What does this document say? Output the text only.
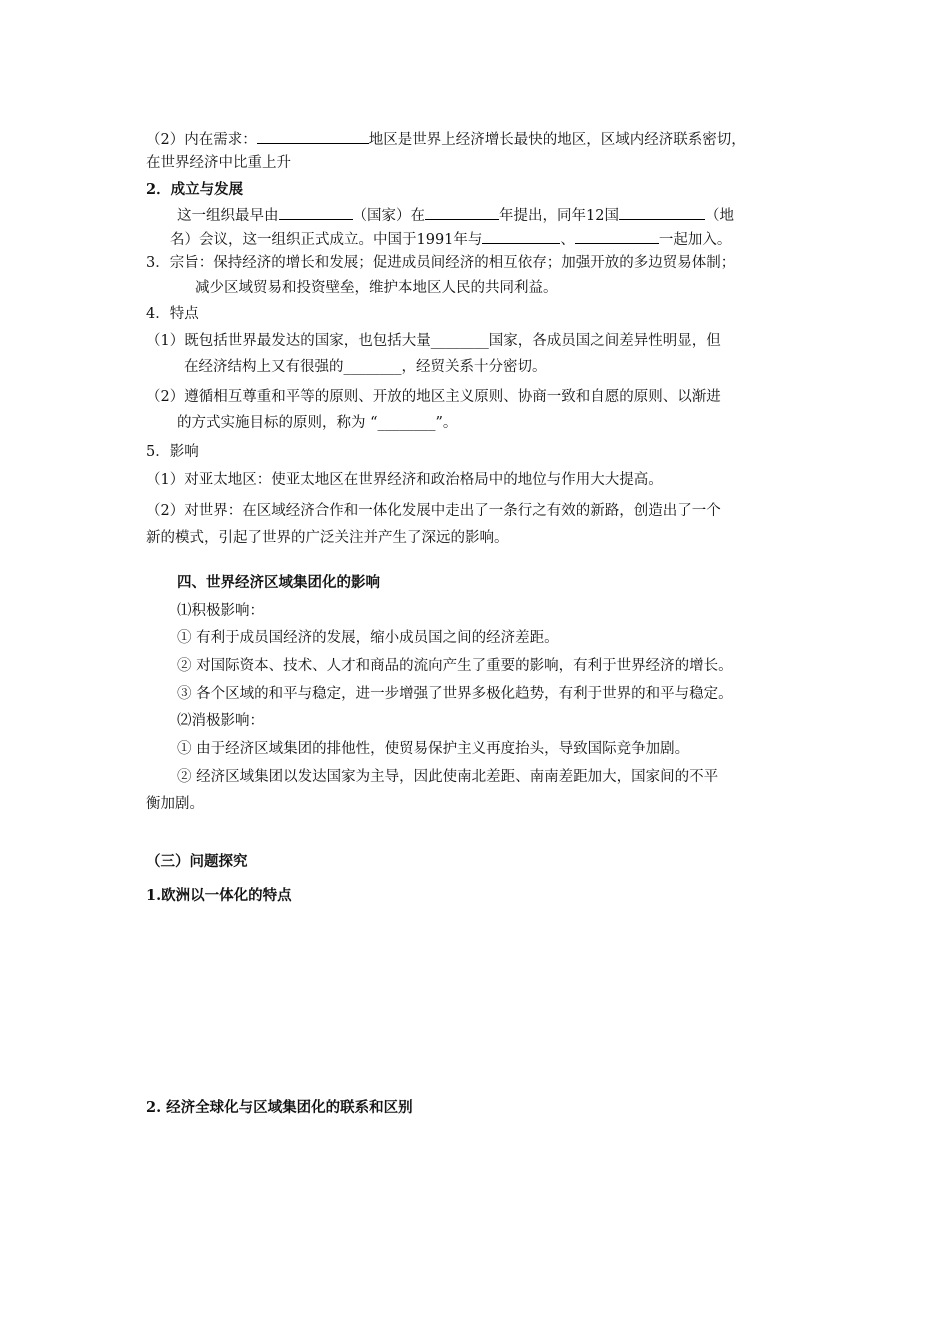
（2）内在需求：	地区是世界上经济增长最快的地区，区域内经济联系密切，
在世界经济中比重上升
2．成立与发展
这一组织最早由	（国家）在	年提出，同年12国	（地
名）会议，这一组织正式成立。中国于1991年与	、	一起加入。
3．宗旨：保持经济的增长和发展；促进成员间经济的相互依存；加强开放的多边贸易体制；
减少区域贸易和投资壁垒，维护本地区人民的共同利益。
4．特点
（1）既包括世界最发达的国家，也包括大量________国家，各成员国之间差异性明显，但
在经济结构上又有很强的________，经贸关系十分密切。
（2）遵循相互尊重和平等的原则、开放的地区主义原则、协商一致和自愿的原则、以渐进
的方式实施目标的原则，称为 “________”。
5．影响
（1）对亚太地区：使亚太地区在世界经济和政治格局中的地位与作用大大提高。
（2）对世界：在区域经济合作和一体化发展中走出了一条行之有效的新路，创造出了一个
新的模式，引起了世界的广泛关注并产生了深远的影响。
四、世界经济区域集团化的影响
⑴积极影响：
① 有利于成员国经济的发展，缩小成员国之间的经济差距。
② 对国际资本、技术、人才和商品的流向产生了重要的影响，有利于世界经济的增长。
③ 各个区域的和平与稳定，进一步增强了世界多极化趋势，有利于世界的和平与稳定。
⑵消极影响：
① 由于经济区域集团的排他性，使贸易保护主义再度抬头，导致国际竞争加剧。
② 经济区域集团以发达国家为主导，因此使南北差距、南南差距加大，国家间的不平
衡加剧。
（三）问题探究
1.欧洲以一体化的特点
2. 经济全球化与区域集团化的联系和区别
